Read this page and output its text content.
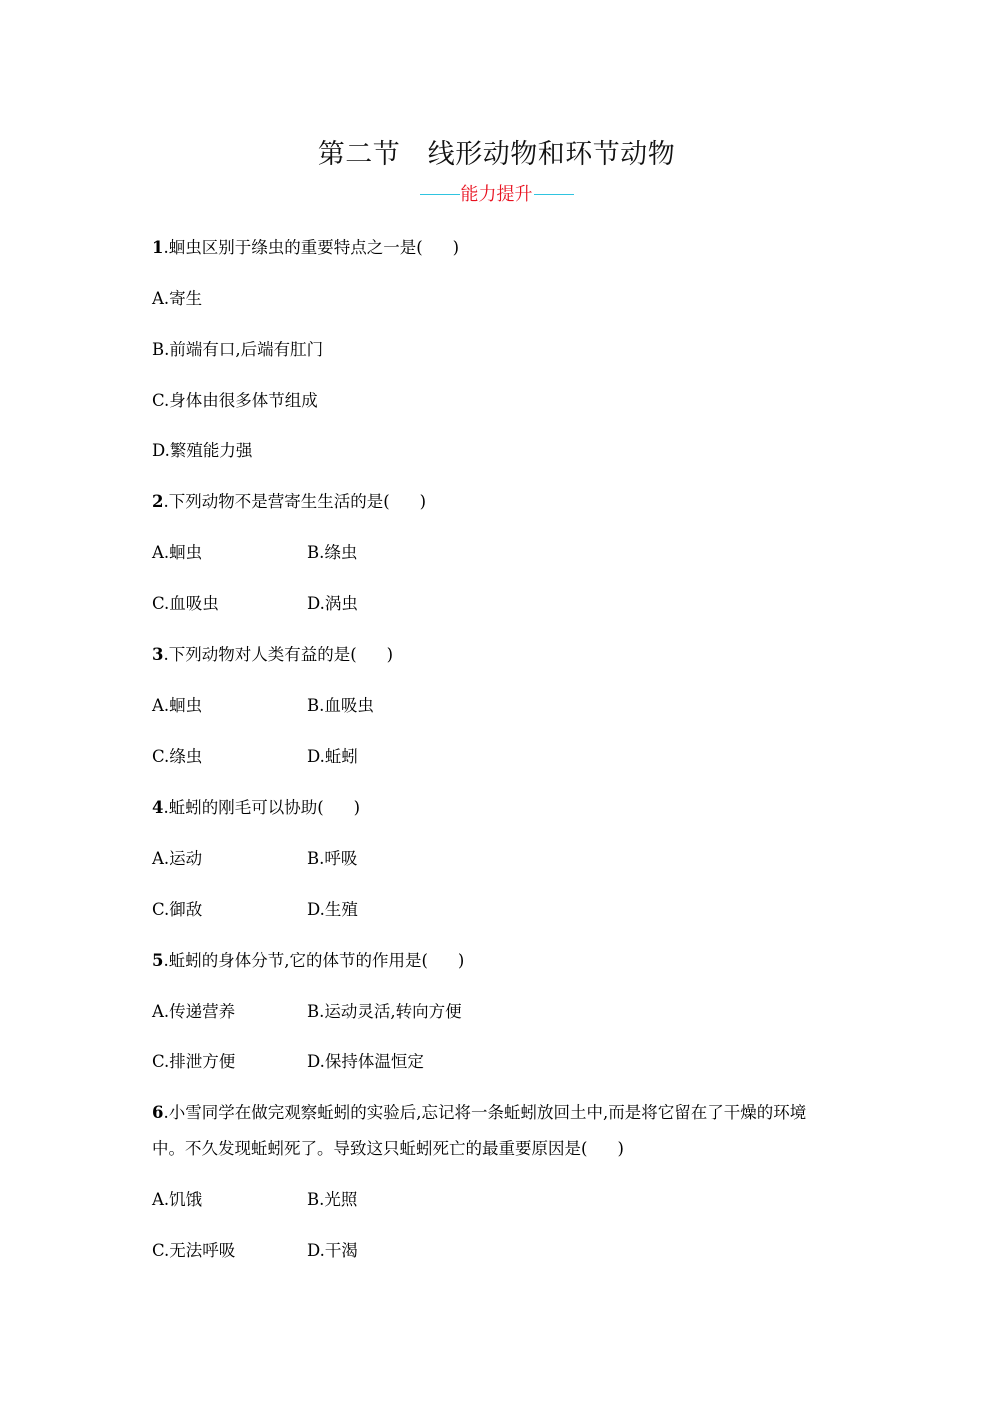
第二节　线形动物和环节动物
能力提升
1.蛔虫区别于绦虫的重要特点之一是( )
A.寄生
B.前端有口,后端有肛门
C.身体由很多体节组成
D.繁殖能力强
2.下列动物不是营寄生生活的是( )
A.蛔虫	B.绦虫
C.血吸虫	D.涡虫
3.下列动物对人类有益的是( )
A.蛔虫	B.血吸虫
C.绦虫	D.蚯蚓
4.蚯蚓的刚毛可以协助( )
A.运动	B.呼吸
C.御敌	D.生殖
5.蚯蚓的身体分节,它的体节的作用是( )
A.传递营养	B.运动灵活,转向方便
C.排泄方便	D.保持体温恒定
6.小雪同学在做完观察蚯蚓的实验后,忘记将一条蚯蚓放回土中,而是将它留在了干燥的环境
中。不久发现蚯蚓死了。导致这只蚯蚓死亡的最重要原因是( )
A.饥饿	B.光照
C.无法呼吸	D.干渴
